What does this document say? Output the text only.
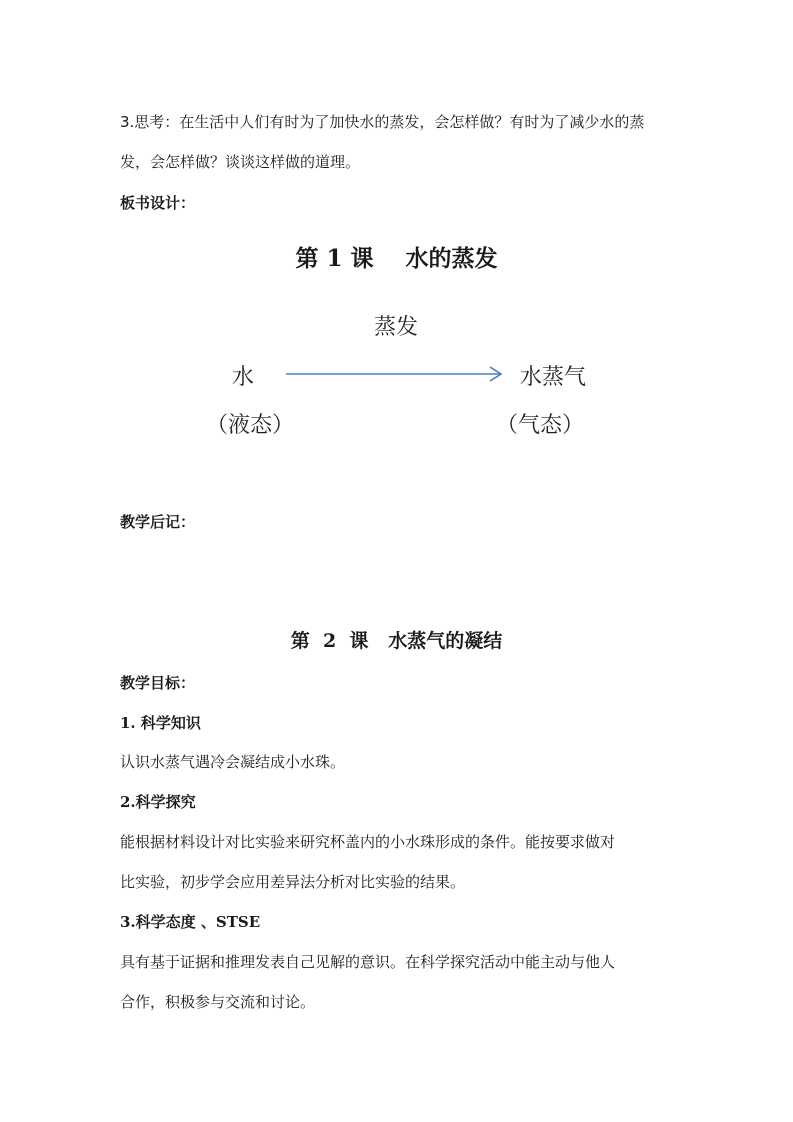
3.思考：在生活中人们有时为了加快水的蒸发，会怎样做？有时为了减少水的蒸
发，会怎样做？谈谈这样做的道理。
板书设计：
第 1 课    水的蒸发
蒸发
水	水蒸气
（液态）	（气态）
教学后记：
第  2  课   水蒸气的凝结
教学目标：
1. 科学知识
认识水蒸气遇冷会凝结成小水珠。
2.科学探究
能根据材料设计对比实验来研究杯盖内的小水珠形成的条件。能按要求做对
比实验，初步学会应用差异法分析对比实验的结果。
3.科学态度 、STSE
具有基于证据和推理发表自己见解的意识。在科学探究活动中能主动与他人
合作，积极参与交流和讨论。
